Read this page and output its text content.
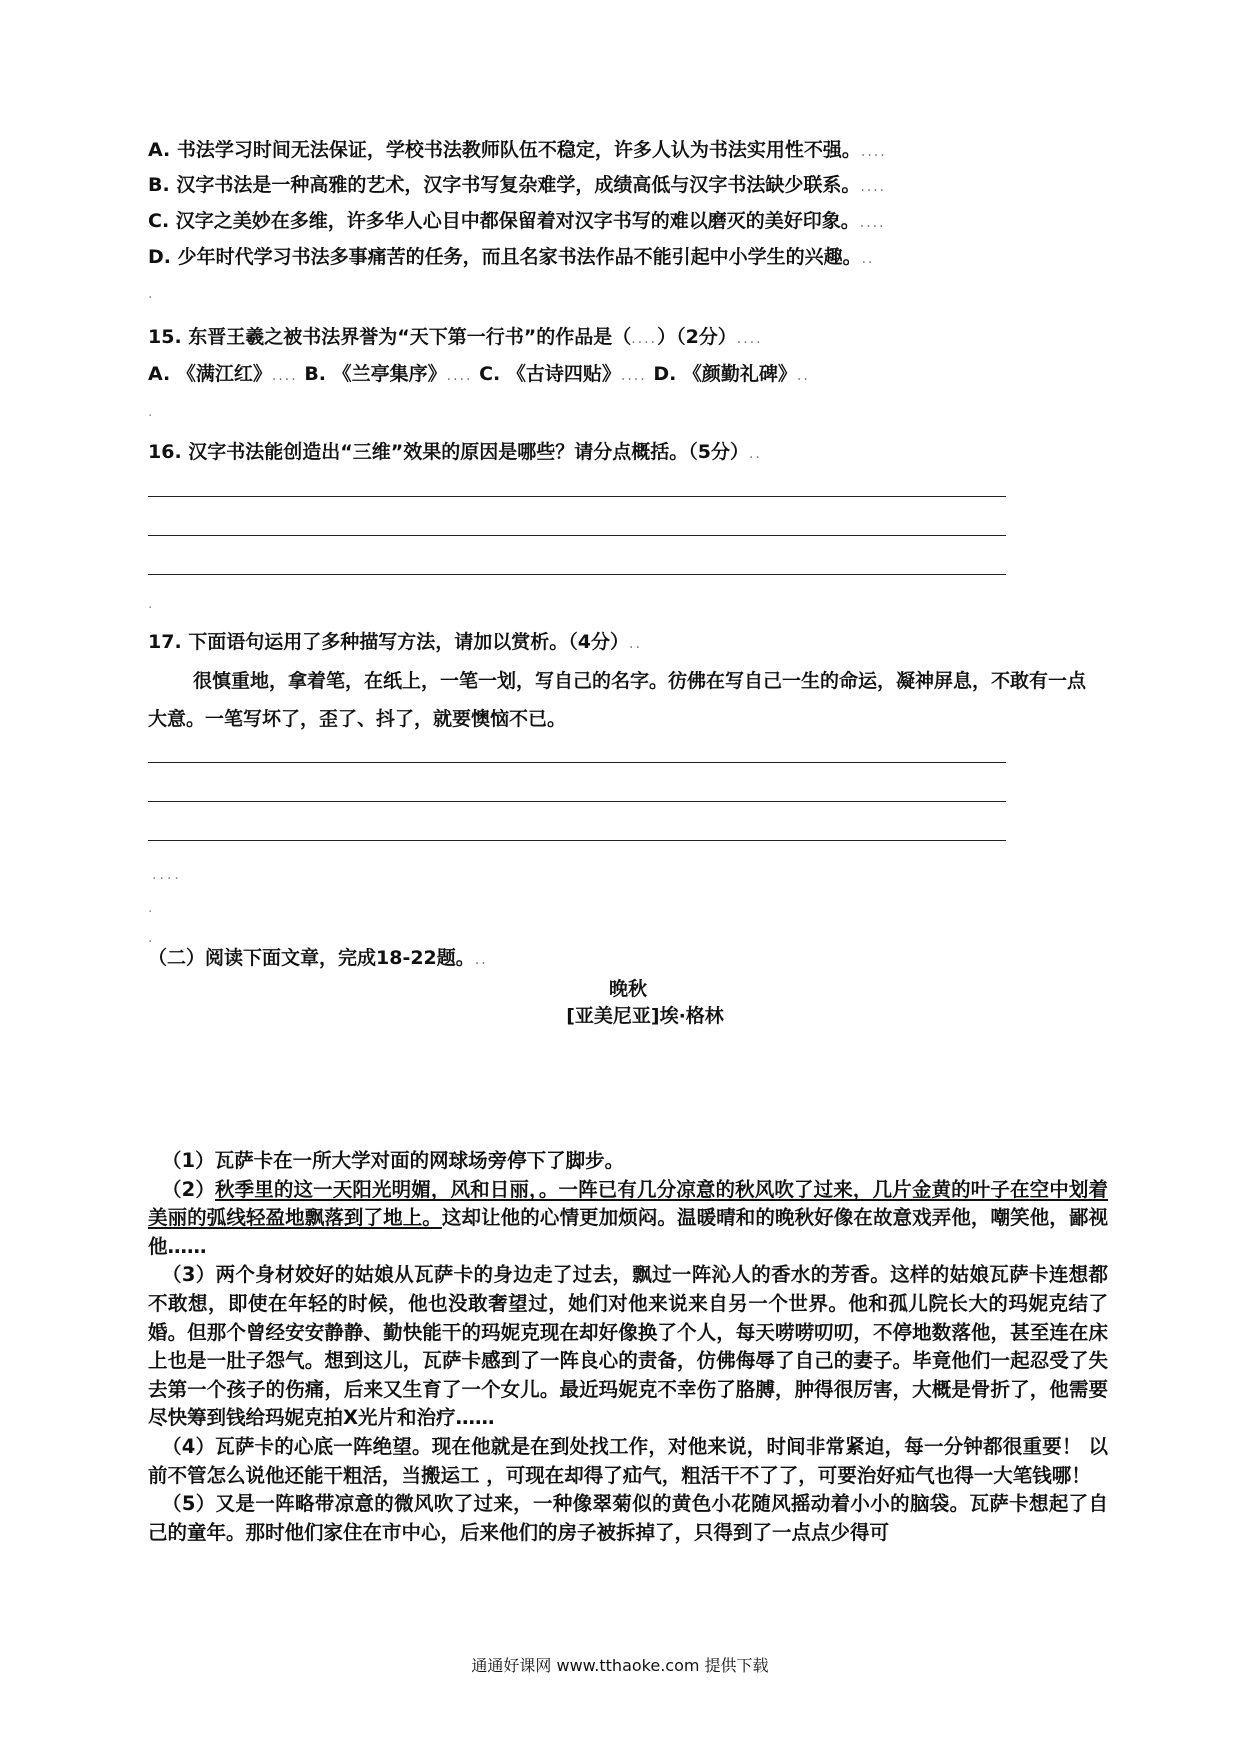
A. 书法学习时间无法保证，学校书法教师队伍不稳定，许多人认为书法实用性不强。....
B. 汉字书法是一种高雅的艺术，汉字书写复杂难学，成绩高低与汉字书法缺少联系。....
C. 汉字之美妙在多维，许多华人心目中都保留着对汉字书写的难以磨灭的美好印象。....
D. 少年时代学习书法多事痛苦的任务，而且名家书法作品不能引起中小学生的兴趣。..
.
15. 东晋王羲之被书法界誉为“天下第一行书”的作品是（....）（2分）....
A. 《满江红》.... B. 《兰亭集序》.... C. 《古诗四贴》.... D. 《颜勤礼碑》..
.
16. 汉字书法能创造出“三维”效果的原因是哪些？请分点概括。（5分）..
.
17. 下面语句运用了多种描写方法，请加以赏析。（4分）..
很慎重地，拿着笔，在纸上，一笔一划，写自己的名字。彷佛在写自己一生的命运，凝神屏息，不敢有一点大意。一笔写坏了，歪了、抖了，就要懊恼不已。
....
.
.
（二）阅读下面文章，完成18-22题。..
晚秋
[亚美尼亚]埃·格林

（1）瓦萨卡在一所大学对面的网球场旁停下了脚步。

（2）秋季里的这一天阳光明媚，风和日丽，。一阵已有几分凉意的秋风吹了过来，几片金黄的叶子在空中划着美丽的弧线轻盈地飘落到了地上。这却让他的心情更加烦闷。温暖晴和的晚秋好像在故意戏弄他，嘲笑他，鄙视他……

（3）两个身材姣好的姑娘从瓦萨卡的身边走了过去，飘过一阵沁人的香水的芳香。这样的姑娘瓦萨卡连想都不敢想，即使在年轻的时候，他也没敢奢望过，她们对他来说来自另一个世界。他和孤儿院长大的玛妮克结了婚。但那个曾经安安静静、勤快能干的玛妮克现在却好像换了个人，每天唠唠叨叨，不停地数落他，甚至连在床上也是一肚子怨气。想到这儿，瓦萨卡感到了一阵良心的责备，仿佛侮辱了自己的妻子。毕竟他们一起忍受了失去第一个孩子的伤痛，后来又生育了一个女儿。最近玛妮克不幸伤了胳膊，肿得很厉害，大概是骨折了，他需要尽快筹到钱给玛妮克拍X光片和治疗……

（4）瓦萨卡的心底一阵绝望。现在他就是在到处找工作，对他来说，时间非常紧迫，每一分钟都很重要！ 以前不管怎么说他还能干粗活，当搬运工 ，可现在却得了疝气，粗活干不了了，可要治好疝气也得一大笔钱哪！

（5）又是一阵略带凉意的微风吹了过来，一种像翠菊似的黄色小花随风摇动着小小的脑袋。瓦萨卡想起了自己的童年。那时他们家住在市中心，后来他们的房子被拆掉了，只得到了一点点少得可

通通好课网 www.tthaoke.com 提供下载
